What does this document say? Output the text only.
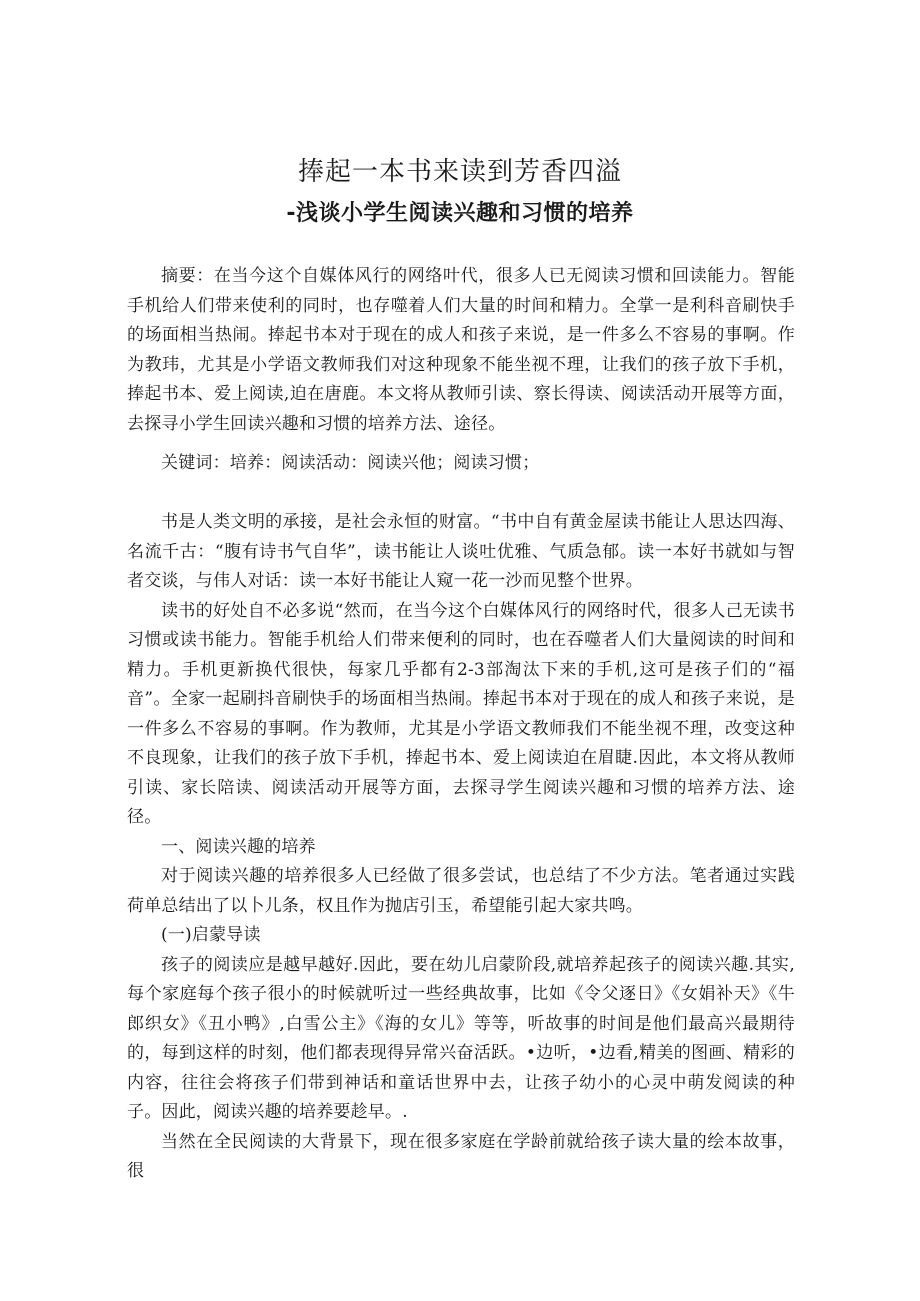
捧起一本书来读到芳香四溢
-浅谈小学生阅读兴趣和习惯的培养

摘要：在当今这个自媒体风行的网络叶代，很多人已无阅读习惯和回读能力。智能手机给人们带来使利的同时，也存噬着人们大量的时间和精力。全掌一是利科音刷快手的场面相当热闹。捧起书本对于现在的成人和孩子来说，是一件多么不容易的事啊。作为教玮，尤其是小学语文教师我们对这种现象不能坐视不理，让我们的孩子放下手机，捧起书本、爱上阅读,迫在唐鹿。本文将从教师引读、察长得读、阅读活动开展等方面，去探寻小学生回读兴趣和习惯的培养方法、途径。

关键词：培养：阅读活动：阅读兴他；阅读习惯；

书是人类文明的承接，是社会永恒的财富。“书中自有黄金屋读书能让人思达四海、名流千古：“腹有诗书气自华”，读书能让人谈吐优雅、气质急郁。读一本好书就如与智者交谈，与伟人对话：读一本好书能让人窥一花一沙而见整个世界。

读书的好处自不必多说“然而，在当今这个白媒体风行的网络时代，很多人己无读书习惯或读书能力。智能手机给人们带来便利的同时，也在吞噬者人们大量阅读的时间和精力。手机更新换代很快，每家几乎都有2-3部淘汰下来的手机,这可是孩子们的“福音”。全家一起刷抖音刷快手的场面相当热闹。捧起书本对于现在的成人和孩子来说，是一件多么不容易的事啊。作为教师，尤其是小学语文教师我们不能坐视不理，改变这种不良现象，让我们的孩子放下手机，捧起书本、爱上阅读迫在眉睫.因此，本文将从教师引读、家长陪读、阅读活动开展等方面，去探寻学生阅读兴趣和习惯的培养方法、途径。

一、阅读兴趣的培养

对于阅读兴趣的培养很多人已经做了很多尝试，也总结了不少方法。笔者通过实践荷单总结出了以卜儿条，权且作为抛店引玉，希望能引起大家共鸣。

(一)启蒙导读

孩子的阅读应是越早越好.因此，要在幼儿启蒙阶段,就培养起孩子的阅读兴趣.其实,每个家庭每个孩子很小的时候就听过一些经典故事，比如《令父逐日》《女娟补天》《牛郎织女》《丑小鸭》,白雪公主》《海的女儿》等等，听故事的时间是他们最高兴最期待的，每到这样的时刻，他们都表现得异常兴奋活跃。•边听，•边看,精美的图画、精彩的内容，往往会将孩子们带到神话和童话世界中去，让孩子幼小的心灵中萌发阅读的种子。因此，阅读兴趣的培养要趁早。.

当然在全民阅读的大背景下，现在很多家庭在学龄前就给孩子读大量的绘本故事，很
